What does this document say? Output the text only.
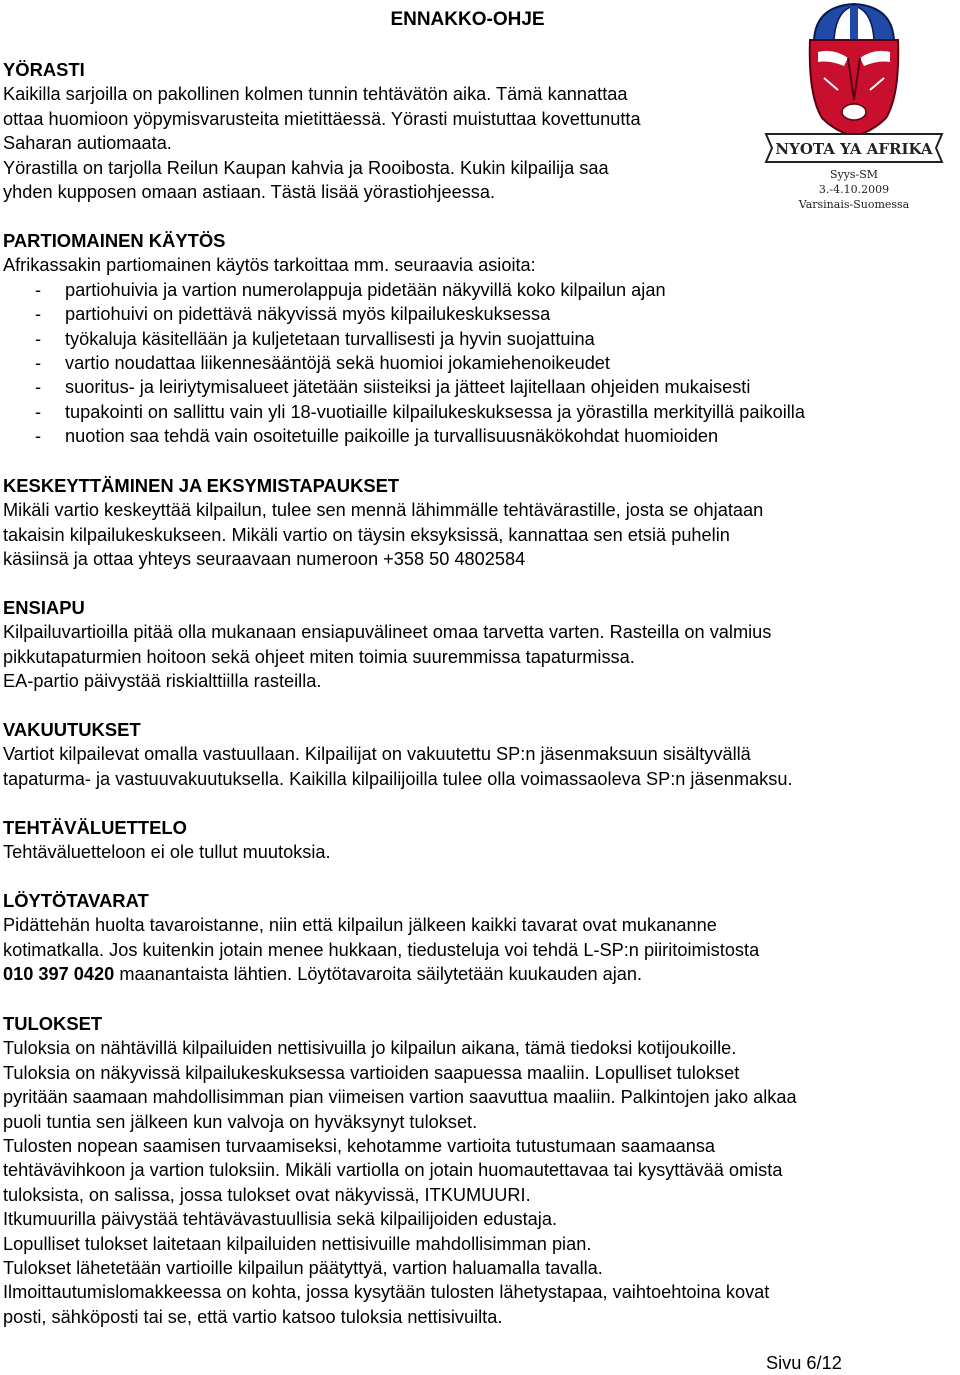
ENNAKKO-OHJE
NYOTA YA AFRIKA
Syys-SM
3.-4.10.2009
Varsinais-Suomessa

YÖRASTI

Kaikilla sarjoilla on pakollinen kolmen tunnin tehtävätön aika. Tämä kannattaa

ottaa huomioon yöpymisvarusteita mietittäessä. Yörasti muistuttaa kovettunutta

Saharan autiomaata.

Yörastilla on tarjolla Reilun Kaupan kahvia ja Rooibosta. Kukin kilpailija saa

yhden kupposen omaan astiaan. Tästä lisää yörastiohjeessa.

PARTIOMAINEN KÄYTÖS

Afrikassakin partiomainen käytös tarkoittaa mm. seuraavia asioita:

- partiohuivia ja vartion numerolappuja pidetään näkyvillä koko kilpailun ajan
- partiohuivi on pidettävä näkyvissä myös kilpailukeskuksessa
- työkaluja käsitellään ja kuljetetaan turvallisesti ja hyvin suojattuina
- vartio noudattaa liikennesääntöjä sekä huomioi jokamiehenoikeudet
- suoritus- ja leiriytymisalueet jätetään siisteiksi ja jätteet lajitellaan ohjeiden mukaisesti
- tupakointi on sallittu vain yli 18-vuotiaille kilpailukeskuksessa ja yörastilla merkityillä paikoilla
- nuotion saa tehdä vain osoitetuille paikoille ja turvallisuusnäkökohdat huomioiden

KESKEYTTÄMINEN JA EKSYMISTAPAUKSET

Mikäli vartio keskeyttää kilpailun, tulee sen mennä lähimmälle tehtävärastille, josta se ohjataan

takaisin kilpailukeskukseen. Mikäli vartio on täysin eksyksissä, kannattaa sen etsiä puhelin

käsiinsä ja ottaa yhteys seuraavaan numeroon +358 50 4802584

ENSIAPU

Kilpailuvartioilla pitää olla mukanaan ensiapuvälineet omaa tarvetta varten. Rasteilla on valmius

pikkutapaturmien hoitoon sekä ohjeet miten toimia suuremmissa tapaturmissa.

EA-partio päivystää riskialttiilla rasteilla.

VAKUUTUKSET

Vartiot kilpailevat omalla vastuullaan. Kilpailijat on vakuutettu SP:n jäsenmaksuun sisältyvällä

tapaturma- ja vastuuvakuutuksella. Kaikilla kilpailijoilla tulee olla voimassaoleva SP:n jäsenmaksu.

TEHTÄVÄLUETTELO

Tehtäväluetteloon ei ole tullut muutoksia.

LÖYTÖTAVARAT

Pidättehän huolta tavaroistanne, niin että kilpailun jälkeen kaikki tavarat ovat mukananne

kotimatkalla. Jos kuitenkin jotain menee hukkaan, tiedusteluja voi tehdä L-SP:n piiritoimistosta

010 397 0420 maanantaista lähtien. Löytötavaroita säilytetään kuukauden ajan.

TULOKSET

Tuloksia on nähtävillä kilpailuiden nettisivuilla jo kilpailun aikana, tämä tiedoksi kotijoukoille.

Tuloksia on näkyvissä kilpailukeskuksessa vartioiden saapuessa maaliin. Lopulliset tulokset

pyritään saamaan mahdollisimman pian viimeisen vartion saavuttua maaliin. Palkintojen jako alkaa

puoli tuntia sen jälkeen kun valvoja on hyväksynyt tulokset.

Tulosten nopean saamisen turvaamiseksi, kehotamme vartioita tutustumaan saamaansa

tehtävävihkoon ja vartion tuloksiin. Mikäli vartiolla on jotain huomautettavaa tai kysyttävää omista

tuloksista, on salissa, jossa tulokset ovat näkyvissä, ITKUMUURI.

Itkumuurilla päivystää tehtävävastuullisia sekä kilpailijoiden edustaja.

Lopulliset tulokset laitetaan kilpailuiden nettisivuille mahdollisimman pian.

Tulokset lähetetään vartioille kilpailun päätyttyä, vartion haluamalla tavalla.

Ilmoittautumislomakkeessa on kohta, jossa kysytään tulosten lähetystapaa, vaihtoehtoina kovat

posti, sähköposti tai se, että vartio katsoo tuloksia nettisivuilta.

Sivu 6/12
